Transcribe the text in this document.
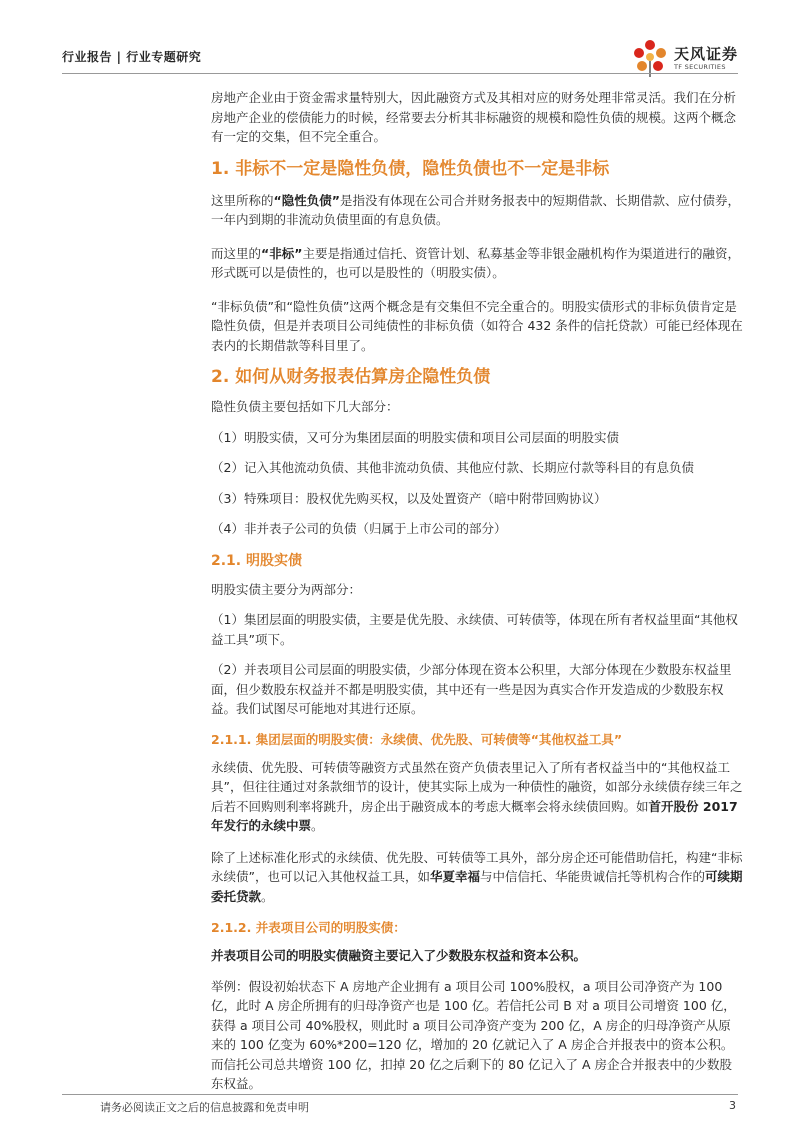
行业报告 | 行业专题研究	天风证券
TF SECURITIES

房地产企业由于资金需求量特别大，因此融资方式及其相对应的财务处理非常灵活。我们在分析房地产企业的偿债能力的时候，经常要去分析其非标融资的规模和隐性负债的规模。这两个概念有一定的交集，但不完全重合。

1. 非标不一定是隐性负债，隐性负债也不一定是非标

这里所称的“隐性负债”是指没有体现在公司合并财务报表中的短期借款、长期借款、应付债券，一年内到期的非流动负债里面的有息负债。

而这里的“非标”主要是指通过信托、资管计划、私募基金等非银金融机构作为渠道进行的融资，形式既可以是债性的，也可以是股性的（明股实债）。

“非标负债”和“隐性负债”这两个概念是有交集但不完全重合的。明股实债形式的非标负债肯定是隐性负债，但是并表项目公司纯债性的非标负债（如符合 432 条件的信托贷款）可能已经体现在表内的长期借款等科目里了。

2. 如何从财务报表估算房企隐性负债

隐性负债主要包括如下几大部分：

（1）明股实债，又可分为集团层面的明股实债和项目公司层面的明股实债

（2）记入其他流动负债、其他非流动负债、其他应付款、长期应付款等科目的有息负债

（3）特殊项目：股权优先购买权，以及处置资产（暗中附带回购协议）

（4）非并表子公司的负债（归属于上市公司的部分）

2.1. 明股实债

明股实债主要分为两部分：

（1）集团层面的明股实债，主要是优先股、永续债、可转债等，体现在所有者权益里面“其他权益工具”项下。

（2）并表项目公司层面的明股实债，少部分体现在资本公积里，大部分体现在少数股东权益里面，但少数股东权益并不都是明股实债，其中还有一些是因为真实合作开发造成的少数股东权益。我们试图尽可能地对其进行还原。

2.1.1. 集团层面的明股实债：永续债、优先股、可转债等“其他权益工具”

永续债、优先股、可转债等融资方式虽然在资产负债表里记入了所有者权益当中的“其他权益工具”，但往往通过对条款细节的设计，使其实际上成为一种债性的融资，如部分永续债存续三年之后若不回购则利率将跳升，房企出于融资成本的考虑大概率会将永续债回购。如首开股份 2017 年发行的永续中票。

除了上述标准化形式的永续债、优先股、可转债等工具外，部分房企还可能借助信托，构建“非标永续债”，也可以记入其他权益工具，如华夏幸福与中信信托、华能贵诚信托等机构合作的可续期委托贷款。

2.1.2. 并表项目公司的明股实债：

并表项目公司的明股实债融资主要记入了少数股东权益和资本公积。

举例：假设初始状态下 A 房地产企业拥有 a 项目公司 100%股权，a 项目公司净资产为 100 亿，此时 A 房企所拥有的归母净资产也是 100 亿。若信托公司 B 对 a 项目公司增资 100 亿，获得 a 项目公司 40%股权，则此时 a 项目公司净资产变为 200 亿，A 房企的归母净资产从原来的 100 亿变为 60%*200=120 亿，增加的 20 亿就记入了 A 房企合并报表中的资本公积。而信托公司总共增资 100 亿，扣掉 20 亿之后剩下的 80 亿记入了 A 房企合并报表中的少数股东权益。

请务必阅读正文之后的信息披露和免责申明	3
